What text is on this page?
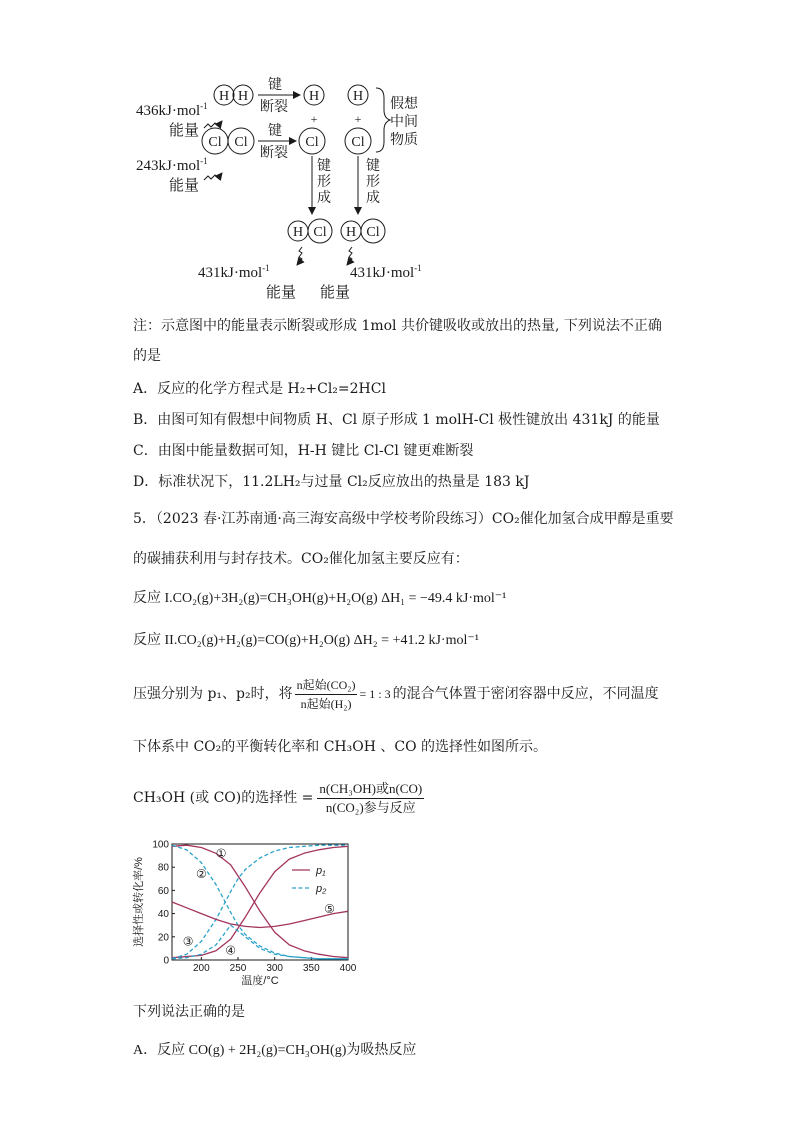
H H
Cl Cl
436kJ·mol$^{-1}$
能量
243kJ·mol$^{-1}$
能量
键
断裂
键
断裂
H
+
Cl
H
+
Cl
假想
中间
物质
键
形
成
键
形
成
H Cl H Cl
431kJ·mol$^{-1}$	431kJ·mol$^{-1}$
能量 能量
注：示意图中的能量表示断裂或形成 1mol 共价键吸收或放出的热量, 下列说法不正确
的是
A．反应的化学方程式是 H₂+Cl₂=2HCl
B．由图可知有假想中间物质 H、Cl 原子形成 1 molH-Cl 极性键放出 431kJ 的能量
C．由图中能量数据可知，H-H 键比 Cl-Cl 键更难断裂
D．标准状况下，11.2LH₂与过量 Cl₂反应放出的热量是 183 kJ
5．（2023 春·江苏南通·高三海安高级中学校考阶段练习）CO₂催化加氢合成甲醇是重要
的碳捕获利用与封存技术。CO₂催化加氢主要反应有：
反应 I.CO₂(g)+3H₂(g)=CH₃OH(g)+H₂O(g) ΔH₁ = −49.4 kJ·mol⁻¹
反应 II.CO₂(g)+H₂(g)=CO(g)+H₂O(g) ΔH₂ = +41.2 kJ·mol⁻¹
压强分别为 p₁、p₂时，将 $\frac{\text{n起始(CO₂)}}{\text{n起始(H₂)}} = 1$ : 3 的混合气体置于密闭容器中反应，不同温度
下体系中 CO₂的平衡转化率和 CH₃OH 、CO 的选择性如图所示。
CH₃OH (或 CO)的选择性 = $\frac{\text{n(CH₃OH)或n(CO)}}{\text{n(CO₂)参与反应}}$
200 250 300 350 400
0
20
40
60
80
100
温度/°C
选择性或转化率/%	p₁
p₂
①
②
③
④
⑤
下列说法正确的是
A．反应 CO(g) + 2H₂(g)=CH₃OH(g)为吸热反应
